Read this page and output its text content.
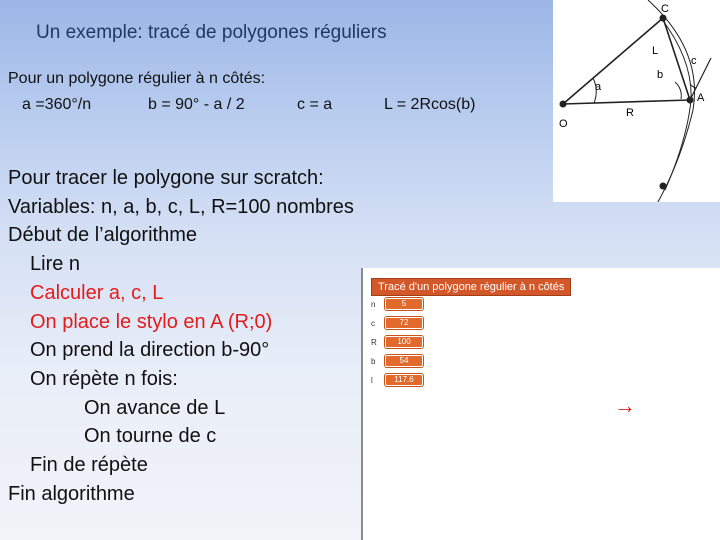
Un exemple: tracé de polygones réguliers
Pour un polygone régulier à n côtés:
a =360°/n	b = 90° - a / 2	c = a	L = 2Rcos(b)
Pour tracer le polygone sur scratch:
Variables: n, a, b, c, L, R=100 nombres
Début de l’algorithme
Lire n
Calculer a, c, L
On place le stylo en A (R;0)
On prend la direction b-90°
On répète n fois:
On avance de L
On tourne de c
Fin de répète
Fin algorithme
C
L
c
b
a
A
R
O
Tracé d'un polygone régulier à n côtés
n	5
c	72
R	100
b	54
l	117.6
→
